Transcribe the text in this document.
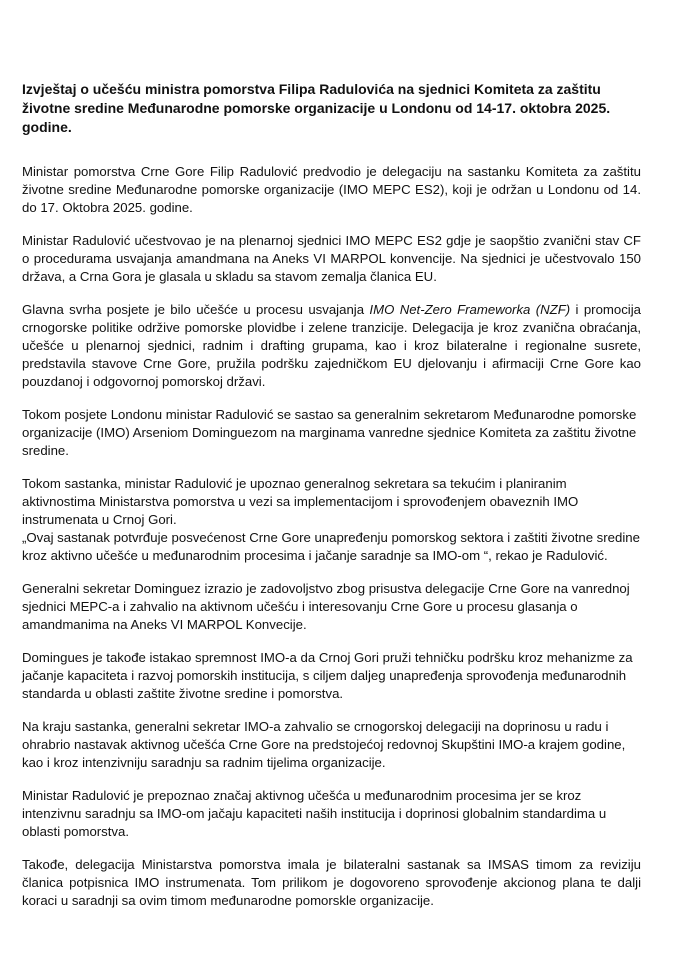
Izvještaj o učešću ministra pomorstva Filipa Radulovića na sjednici Komiteta za zaštitu životne sredine Međunarodne pomorske organizacije u Londonu od 14-17. oktobra 2025. godine.

Ministar pomorstva Crne Gore Filip Radulović predvodio je delegaciju na sastanku Komiteta za zaštitu životne sredine Međunarodne pomorske organizacije (IMO MEPC ES2), koji je održan u Londonu od 14. do 17. Oktobra 2025. godine.

Ministar Radulović učestvovao je na plenarnoj sjednici IMO MEPC ES2 gdje je saopštio zvanični stav CF o procedurama usvajanja amandmana na Aneks VI MARPOL konvencije. Na sjednici je učestvovalo 150 država, a Crna Gora je glasala u skladu sa stavom zemalja članica EU.

Glavna svrha posjete je bilo učešće u procesu usvajanja IMO Net-Zero Frameworka (NZF) i promocija crnogorske politike održive pomorske plovidbe i zelene tranzicije. Delegacija je kroz zvanična obraćanja, učešće u plenarnoj sjednici, radnim i drafting grupama, kao i kroz bilateralne i regionalne susrete, predstavila stavove Crne Gore, pružila podršku zajedničkom EU djelovanju i afirmaciji Crne Gore kao pouzdanoj i odgovornoj pomorskoj državi.

Tokom posjete Londonu ministar Radulović se sastao sa generalnim sekretarom Međunarodne pomorske organizacije (IMO) Arseniom Dominguezom na marginama vanredne sjednice Komiteta za zaštitu životne sredine.

Tokom sastanka, ministar Radulović je upoznao generalnog sekretara sa tekućim i planiranim aktivnostima Ministarstva pomorstva u vezi sa implementacijom i sprovođenjem obaveznih IMO instrumenata u Crnoj Gori.

„Ovaj sastanak potvrđuje posvećenost Crne Gore unapređenju pomorskog sektora i zaštiti životne sredine kroz aktivno učešće u međunarodnim procesima i jačanje saradnje sa IMO-om “, rekao je Radulović.

Generalni sekretar Dominguez izrazio je zadovoljstvo zbog prisustva delegacije Crne Gore na vanrednoj sjednici MEPC-a i zahvalio na aktivnom učešću i interesovanju Crne Gore u procesu glasanja o amandmanima na Aneks VI MARPOL Konvecije.

Domingues je takođe istakao spremnost IMO-a da Crnoj Gori pruži tehničku podršku kroz mehanizme za jačanje kapaciteta i razvoj pomorskih institucija, s ciljem daljeg unapređenja sprovođenja međunarodnih standarda u oblasti zaštite životne sredine i pomorstva.

Na kraju sastanka, generalni sekretar IMO-a zahvalio se crnogorskoj delegaciji na doprinosu u radu i ohrabrio nastavak aktivnog učešća Crne Gore na predstojećoj redovnoj Skupštini IMO-a krajem godine, kao i kroz intenzivniju saradnju sa radnim tijelima organizacije.

Ministar Radulović je prepoznao značaj aktivnog učešća u međunarodnim procesima jer se kroz intenzivnu saradnju sa IMO-om jačaju kapaciteti naših institucija i doprinosi globalnim standardima u oblasti pomorstva.

Takođe, delegacija Ministarstva pomorstva imala je bilateralni sastanak sa IMSAS timom za reviziju članica potpisnica IMO instrumenata. Tom prilikom je dogovoreno sprovođenje akcionog plana te dalji koraci u saradnji sa ovim timom međunarodne pomorskle organizacije.
